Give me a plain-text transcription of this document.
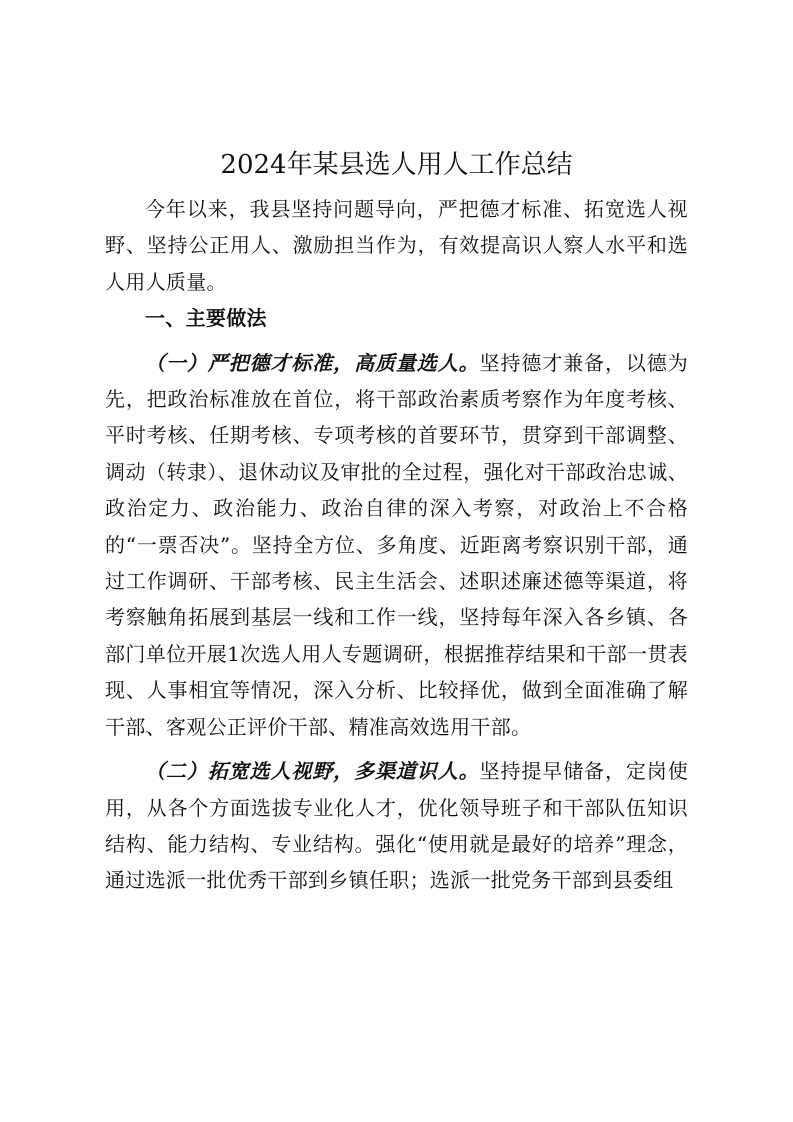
2024年某县选人用人工作总结

今年以来，我县坚持问题导向，严把德才标准、拓宽选人视野、坚持公正用人、激励担当作为，有效提高识人察人水平和选人用人质量。

一、主要做法

（一）严把德才标准，高质量选人。坚持德才兼备，以德为先，把政治标准放在首位，将干部政治素质考察作为年度考核、平时考核、任期考核、专项考核的首要环节，贯穿到干部调整、调动（转隶）、退休动议及审批的全过程，强化对干部政治忠诚、政治定力、政治能力、政治自律的深入考察，对政治上不合格的“一票否决”。坚持全方位、多角度、近距离考察识别干部，通过工作调研、干部考核、民主生活会、述职述廉述德等渠道，将考察触角拓展到基层一线和工作一线，坚持每年深入各乡镇、各部门单位开展1次选人用人专题调研，根据推荐结果和干部一贯表现、人事相宜等情况，深入分析、比较择优，做到全面准确了解干部、客观公正评价干部、精准高效选用干部。

（二）拓宽选人视野，多渠道识人。坚持提早储备，定岗使用，从各个方面选拔专业化人才，优化领导班子和干部队伍知识结构、能力结构、专业结构。强化“使用就是最好的培养”理念，通过选派一批优秀干部到乡镇任职；选派一批党务干部到县委组
